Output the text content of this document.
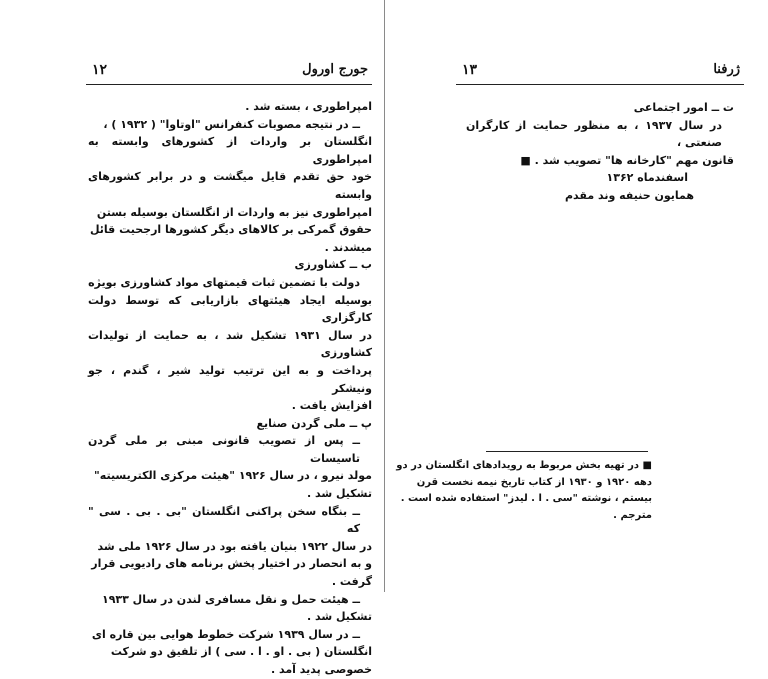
١٢	جورج اورول
امپراطوری ، بسته شد .
ــ در نتیجه مصوبات کنفرانس "اوتاوا" ( ۱۹۳۲ ) ،
انگلستان بر واردات از کشورهای وابسته به امپراطوری
خود حق تقدم قایل میگشت و در برابر کشورهای وابسته
امپراطوری نیز به واردات از انگلستان بوسیله بستن
حقوق گمرکی بر کالاهای دیگر کشورها ارجحیت قائل
میشدند .
ب ــ کشاورزی
دولت با تضمین ثبات قیمتهای مواد کشاورزی بویژه
بوسیله ایجاد هیئتهای بازاریابی که توسط دولت کارگزاری
در سال ۱۹۳۱ تشکیل شد ، به حمایت از تولیدات کشاورزی
پرداخت و به این ترتیب تولید شیر ، گندم ، جو ونیشکر
افزایش یافت .
پ ــ ملی گردن صنایع
ــ پس از تصویب قانونی مبنی بر ملی گردن تاسیسات
مولد نیرو ، در سال ۱۹۲۶ "هیئت مرکزی الکتریسیته"
تشکیل شد .
ــ بنگاه سخن پراکنی انگلستان "بی . بی . سی " که
در سال ۱۹۲۲ بنیان یافته بود در سال ۱۹۲۶ ملی شد
و به انحصار در اختیار پخش برنامه های رادیویی قرار
گرفت .
ــ هیئت حمل و نقل مسافری لندن در سال ۱۹۳۳
تشکیل شد .
ــ در سال ۱۹۳۹ شرکت خطوط هوایی بین قاره ای
انگلستان ( بی . او . ا . سی ) از تلفیق دو شرکت
خصوصی پدید آمد .
١٣	ژرفنا
ت ــ امور اجتماعی
در سال ۱۹۳۷ ، به منظور حمایت از کارگران صنعتی ،
قانون مهم "کارخانه ها" تصویب شد . ■
اسفندماه ۱۳۶۲
همایون حنیفه وند مقدم
■ در تهیه بخش مربوط به رویدادهای انگلستان در دو
دهه ۱۹۲۰ و ۱۹۳۰ از کتاب تاریخ نیمه نخست قرن
بیستم ، نوشته "سی . ا . لیدز" استفاده شده است .
مترجم .
